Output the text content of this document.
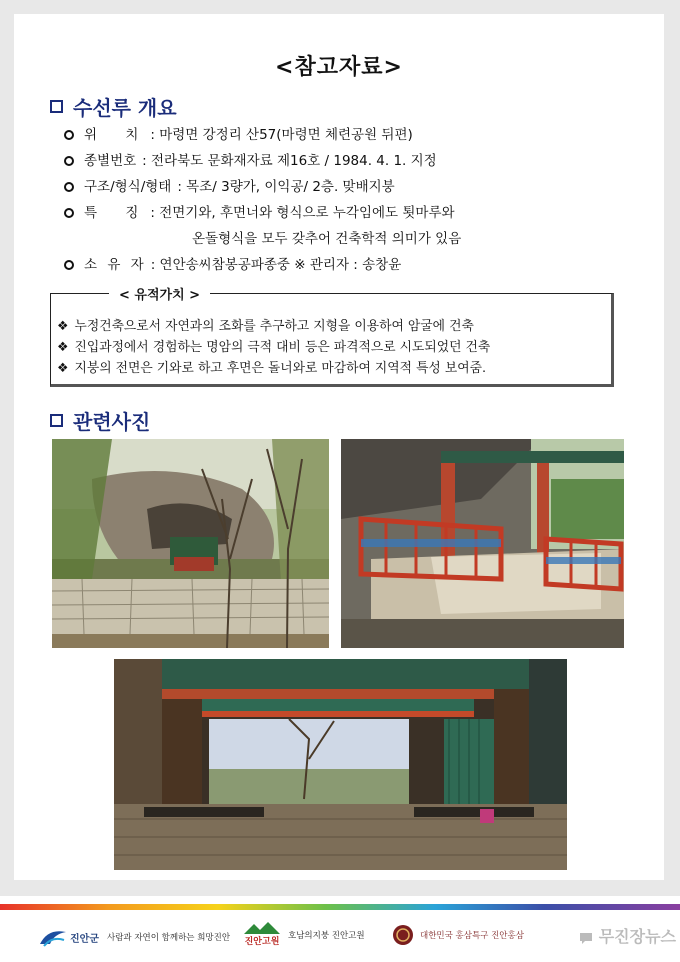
<참고자료>
수선루 개요
위 치 : 마령면 강정리 산57(마령면 체련공원 뒤편)
종별번호 : 전라북도 문화재자료 제16호 / 1984. 4. 1. 지정
구조/형식/형태 : 목조/ 3량가, 이익공/ 2층. 맞배지붕
특 징 : 전면기와, 후면너와 형식으로 누각임에도 툇마루와
온돌형식을 모두 갖추어 건축학적 의미가 있음
소 유 자 : 연안송씨참봉공파종중 ※ 관리자 : 송창윤
< 유적가치 >
❖ 누정건축으로서 자연과의 조화를 추구하고 지형을 이용하여 암굴에 건축
❖ 진입과정에서 경험하는 명암의 극적 대비 등은 파격적으로 시도되었던 건축
❖ 지붕의 전면은 기와로 하고 후면은 돌너와로 마감하여 지역적 특성 보여줌.
관련사진
진안군 사람과 자연이 함께하는 희망진안 진안고원
호남의지붕 진안고원	대한민국 홍삼특구 진안홍삼	무진장뉴스
